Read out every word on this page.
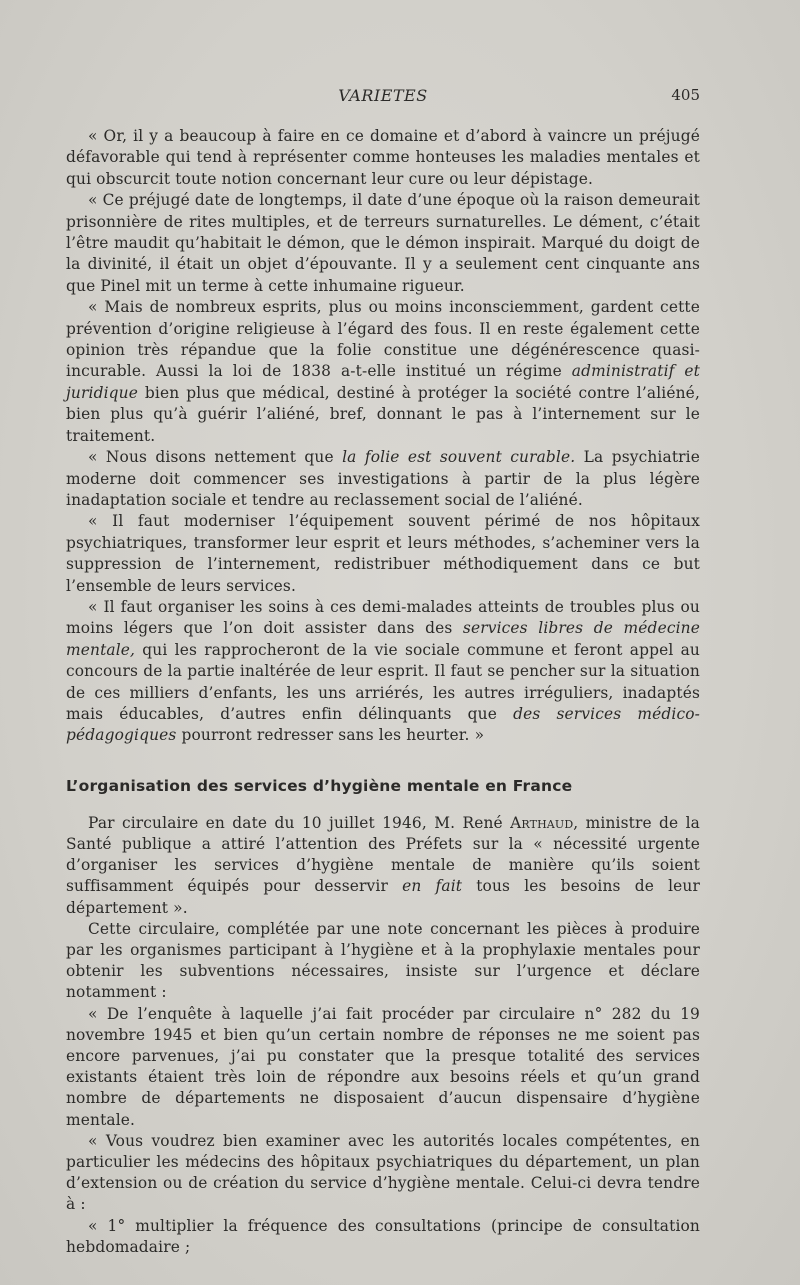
VARIETES	405

« Or, il y a beaucoup à faire en ce domaine et d’abord à vaincre un préjugé défavorable qui tend à représenter comme honteuses les maladies mentales et qui obscurcit toute notion concernant leur cure ou leur dépistage.

« Ce préjugé date de longtemps, il date d’une époque où la raison demeurait prisonnière de rites multiples, et de terreurs surnaturelles. Le dément, c’était l’être maudit qu’habitait le démon, que le démon inspirait. Marqué du doigt de la divinité, il était un objet d’épouvante. Il y a seulement cent cinquante ans que Pinel mit un terme à cette inhumaine rigueur.

« Mais de nombreux esprits, plus ou moins inconsciemment, gardent cette prévention d’origine religieuse à l’égard des fous. Il en reste également cette opinion très répandue que la folie constitue une dégénérescence quasi-incurable. Aussi la loi de 1838 a-t-elle institué un régime administratif et juridique bien plus que médical, destiné à protéger la société contre l’aliéné, bien plus qu’à guérir l’aliéné, bref, donnant le pas à l’internement sur le traitement.

« Nous disons nettement que la folie est souvent curable. La psychiatrie moderne doit commencer ses investigations à partir de la plus légère inadaptation sociale et tendre au reclassement social de l’aliéné.

« Il faut moderniser l’équipement souvent périmé de nos hôpitaux psychiatriques, transformer leur esprit et leurs méthodes, s’acheminer vers la suppression de l’internement, redistribuer méthodiquement dans ce but l’ensemble de leurs services.

« Il faut organiser les soins à ces demi-malades atteints de troubles plus ou moins légers que l’on doit assister dans des services libres de médecine mentale, qui les rapprocheront de la vie sociale commune et feront appel au concours de la partie inaltérée de leur esprit. Il faut se pencher sur la situation de ces milliers d’enfants, les uns arriérés, les autres irréguliers, inadaptés mais éducables, d’autres enfin délinquants que des services médico-pédagogiques pourront redresser sans les heurter. »

L’organisation des services d’hygiène mentale en France

Par circulaire en date du 10 juillet 1946, M. René Arthaud, ministre de la Santé publique a attiré l’attention des Préfets sur la « nécessité urgente d’organiser les services d’hygiène mentale de manière qu’ils soient suffisamment équipés pour desservir en fait tous les besoins de leur département ».

Cette circulaire, complétée par une note concernant les pièces à produire par les organismes participant à l’hygiène et à la prophylaxie mentales pour obtenir les subventions nécessaires, insiste sur l’urgence et déclare notamment :

« De l’enquête à laquelle j’ai fait procéder par circulaire n° 282 du 19 novembre 1945 et bien qu’un certain nombre de réponses ne me soient pas encore parvenues, j’ai pu constater que la presque totalité des services existants étaient très loin de répondre aux besoins réels et qu’un grand nombre de départements ne disposaient d’aucun dispensaire d’hygiène mentale.

« Vous voudrez bien examiner avec les autorités locales compétentes, en particulier les médecins des hôpitaux psychiatriques du département, un plan d’extension ou de création du service d’hygiène mentale. Celui-ci devra tendre à :

« 1° multiplier la fréquence des consultations (principe de consultation hebdomadaire ;
